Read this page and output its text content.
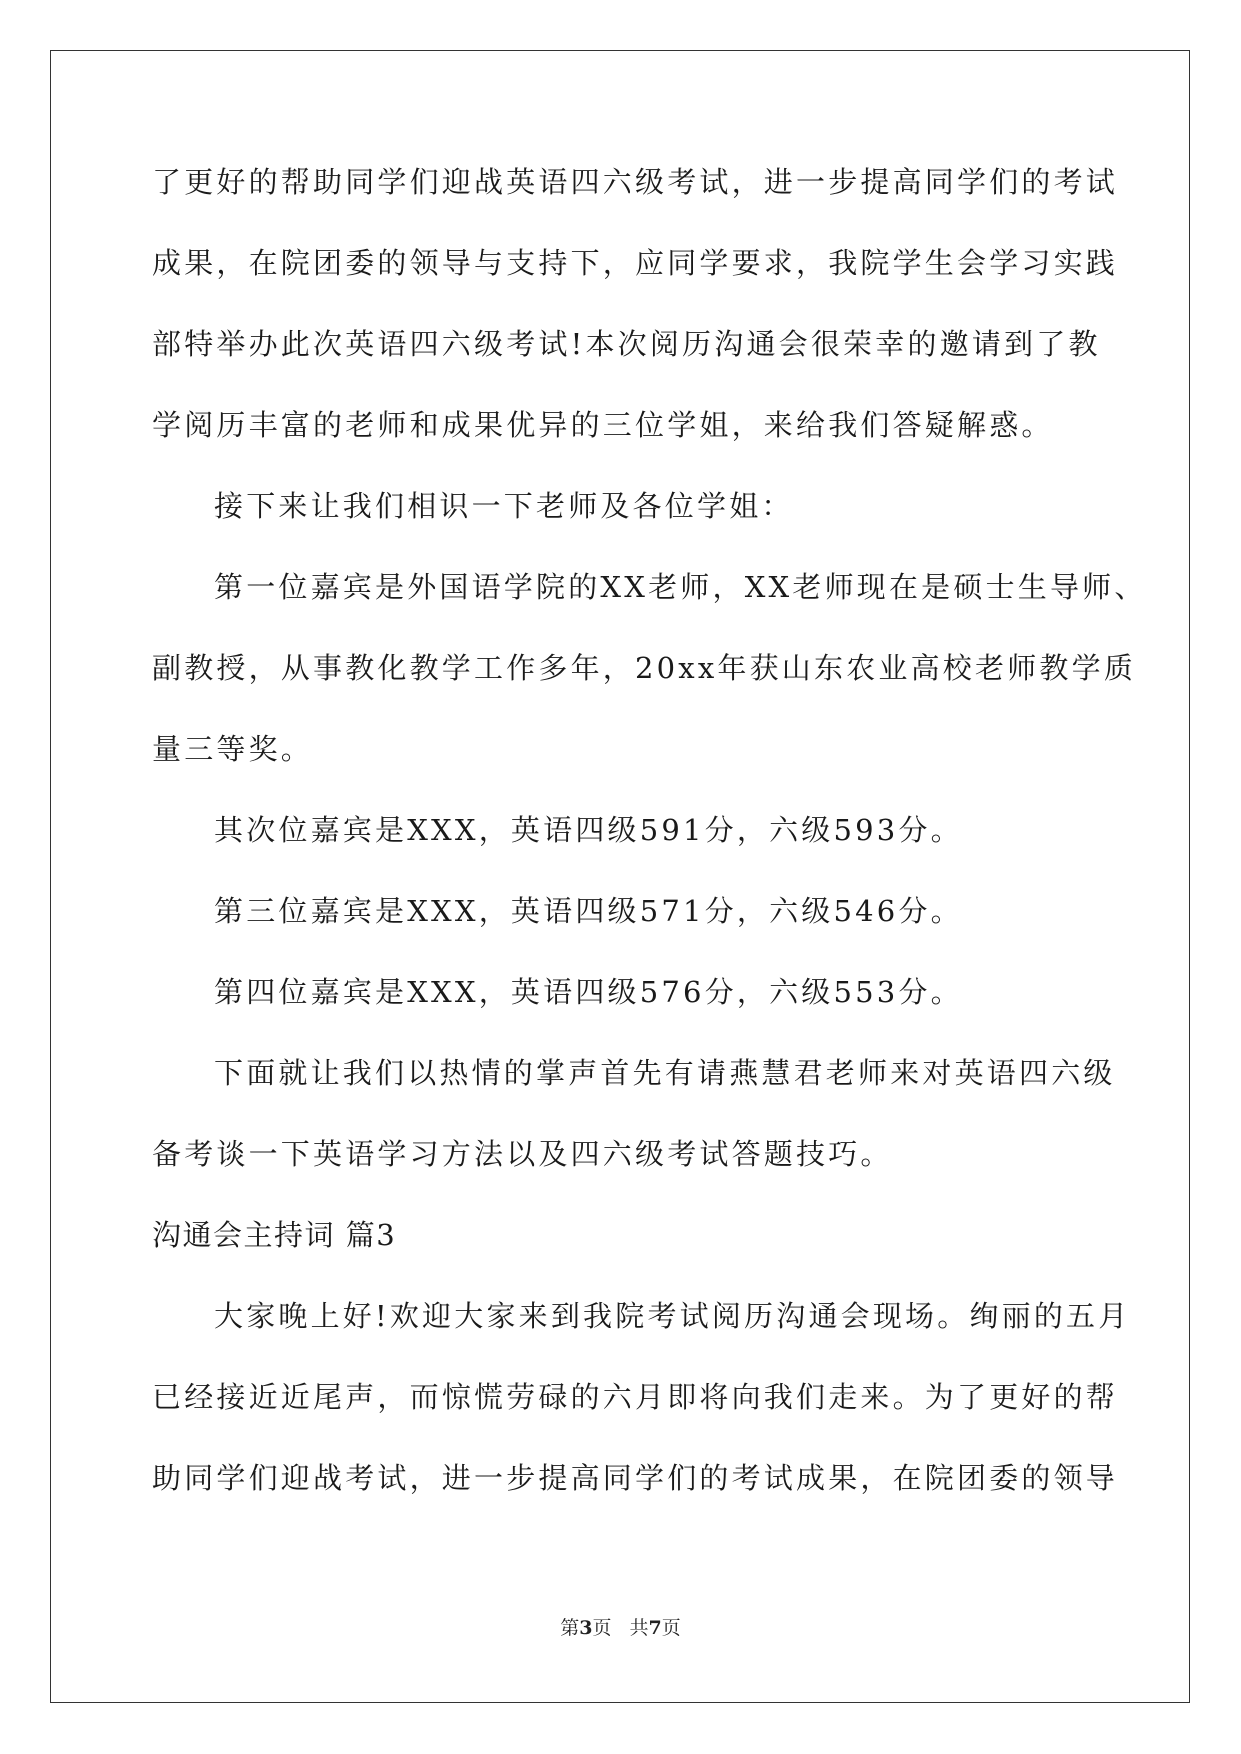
了更好的帮助同学们迎战英语四六级考试，进一步提高同学们的考试
成果，在院团委的领导与支持下，应同学要求，我院学生会学习实践
部特举办此次英语四六级考试!本次阅历沟通会很荣幸的邀请到了教
学阅历丰富的老师和成果优异的三位学姐，来给我们答疑解惑。
接下来让我们相识一下老师及各位学姐：
第一位嘉宾是外国语学院的XX老师，XX老师现在是硕士生导师、
副教授，从事教化教学工作多年，20xx年获山东农业高校老师教学质
量三等奖。
其次位嘉宾是XXX，英语四级591分，六级593分。
第三位嘉宾是XXX，英语四级571分，六级546分。
第四位嘉宾是XXX，英语四级576分，六级553分。
下面就让我们以热情的掌声首先有请燕慧君老师来对英语四六级
备考谈一下英语学习方法以及四六级考试答题技巧。
沟通会主持词 篇3
大家晚上好!欢迎大家来到我院考试阅历沟通会现场。绚丽的五月
已经接近近尾声，而惊慌劳碌的六月即将向我们走来。为了更好的帮
助同学们迎战考试，进一步提高同学们的考试成果，在院团委的领导
第3页 共7页
